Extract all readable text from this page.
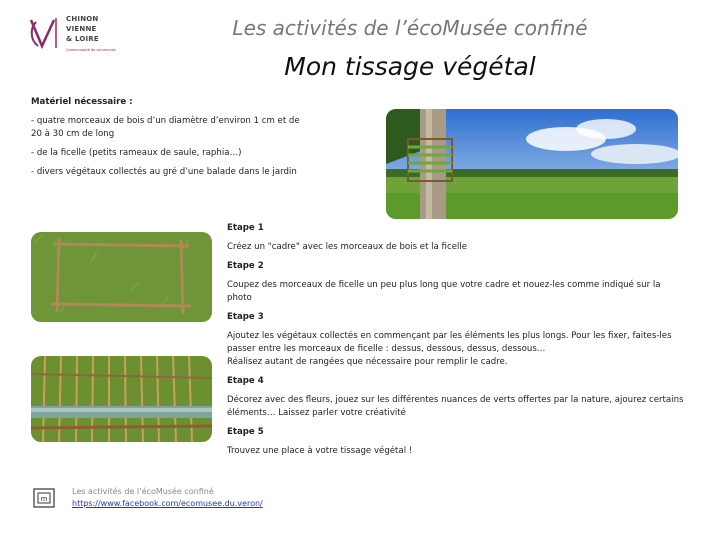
CHINON
VIENNE
& LOIRE
Communauté de communes
Les activités de l’écoMusée confiné
Mon tissage végétal

Matériel nécessaire :

- quatre morceaux de bois d’un diamètre d’environ 1 cm et de 20 à 30 cm de long

- de la ficelle (petits rameaux de saule, raphia…)

- divers végétaux collectés au gré d’une balade dans le jardin

Etape 1

Créez un "cadre" avec les morceaux de bois et la ficelle

Etape 2

Coupez des morceaux de ficelle un peu plus long que votre cadre et nouez-les comme indiqué sur la photo

Etape 3

Ajoutez les végétaux collectés en commençant par les éléments les plus longs. Pour les fixer, faites-les passer entre les morceaux de ficelle : dessus, dessous, dessus, dessous…

Réalisez autant de rangées que nécessaire pour remplir le cadre.

Etape 4

Décorez avec des fleurs, jouez sur les différentes nuances de verts offertes par la nature, ajourez certains éléments… Laissez parler votre créativité

Etape 5

Trouvez une place à votre tissage végétal !

m
Les activités de l’écoMusée confiné
https://www.facebook.com/ecomusee.du.veron/
